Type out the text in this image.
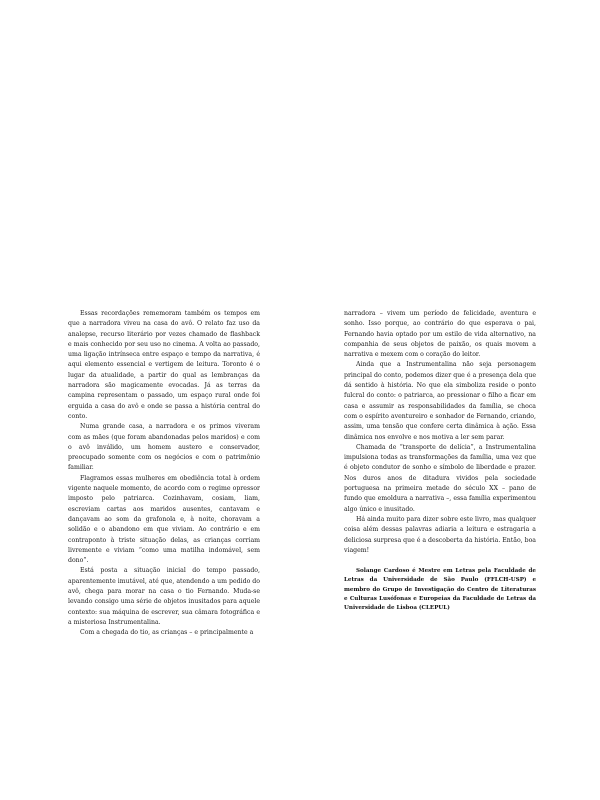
Essas recordações rememoram também os tempos em que a narradora viveu na casa do avô. O relato faz uso da analepse, recurso literário por vezes chamado de flashback e mais conhecido por seu uso no cinema. A volta ao passado, uma ligação intrínseca entre espaço e tempo da narrativa, é aqui elemento essencial e vertigem de leitura. Toronto é o lugar da atualidade, a partir do qual as lembranças da narradora são magicamente evocadas. Já as terras da campina representam o passado, um espaço rural onde foi erguida a casa do avô e onde se passa a história central do conto.

Numa grande casa, a narradora e os primos viveram com as mães (que foram abandonadas pelos maridos) e com o avô inválido, um homem austero e conservador, preocupado somente com os negócios e com o patrimônio familiar.

Flagramos essas mulheres em obediência total à ordem vigente naquele momento, de acordo com o regime opressor imposto pelo patriarca. Cozinhavam, cosiam, liam, escreviam cartas aos maridos ausentes, cantavam e dançavam ao som da grafonola e, à noite, choravam a solidão e o abandono em que viviam. Ao contrário e em contraponto à triste situação delas, as crianças corriam livremente e viviam “como uma matilha indomável, sem dono”.

Está posta a situação inicial do tempo passado, aparentemente imutável, até que, atendendo a um pedido do avô, chega para morar na casa o tio Fernando. Muda-se levando consigo uma série de objetos inusitados para aquele contexto: sua máquina de escrever, sua câmara fotográfica e a misteriosa Instrumentalina.

Com a chegada do tio, as crianças – e principalmente a

narradora – vivem um período de felicidade, aventura e sonho. Isso porque, ao contrário do que esperava o pai, Fernando havia optado por um estilo de vida alternativo, na companhia de seus objetos de paixão, os quais movem a narrativa e mexem com o coração do leitor.

Ainda que a Instrumentalina não seja personagem principal do conto, podemos dizer que é a presença dela que dá sentido à história. No que ela simboliza reside o ponto fulcral do conto: o patriarca, ao pressionar o filho a ficar em casa e assumir as responsabilidades da família, se choca com o espírito aventureiro e sonhador de Fernando, criando, assim, uma tensão que confere certa dinâmica à ação. Essa dinâmica nos envolve e nos motiva a ler sem parar.

Chamada de “transporte de delícia”, a Instrumentalina impulsiona todas as transformações da família, uma vez que é objeto condutor de sonho e símbolo de liberdade e prazer. Nos duros anos de ditadura vividos pela sociedade portuguesa na primeira metade do século XX – pano de fundo que emoldura a narrativa –, essa família experimentou algo único e inusitado.

Há ainda muito para dizer sobre este livro, mas qualquer coisa além dessas palavras adiaria a leitura e estragaria a deliciosa surpresa que é a descoberta da história. Então, boa viagem!

Solange Cardoso é Mestre em Letras pela Faculdade de Letras da Universidade de São Paulo (FFLCH-USP) e membro do Grupo de Investigação do Centro de Literaturas e Culturas Lusófonas e Europeias da Faculdade de Letras da Universidade de Lisboa (CLEPUL)
